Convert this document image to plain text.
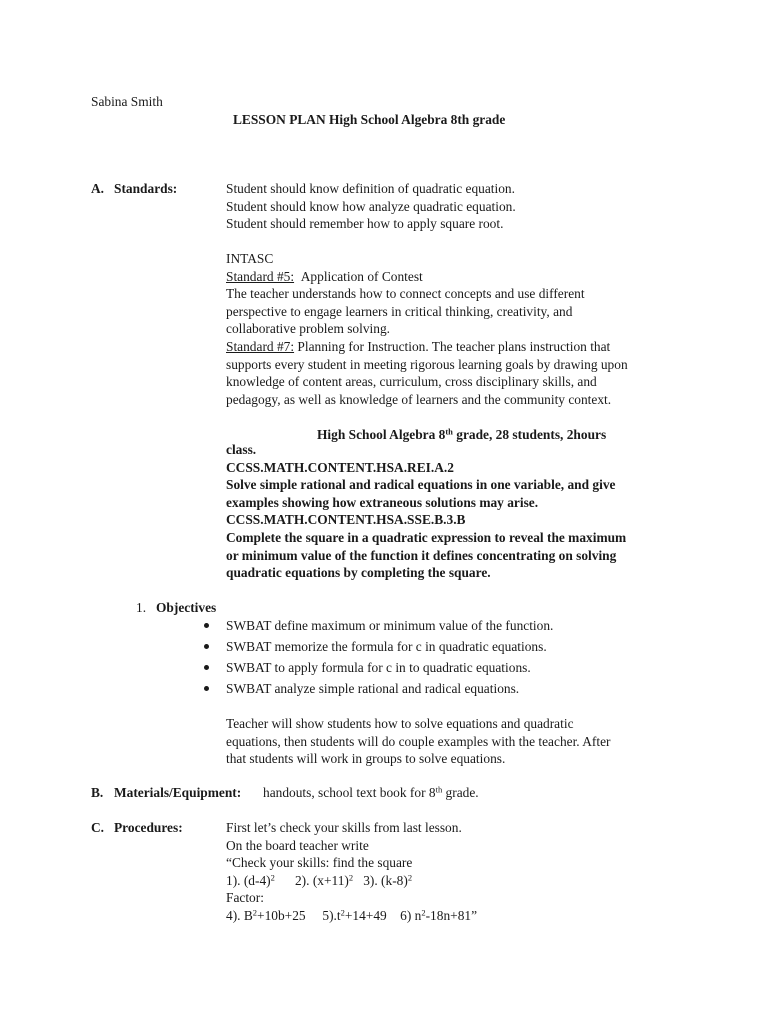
Sabina Smith
LESSON PLAN High School Algebra 8th grade
A. Standards:	Student should know definition of quadratic equation.
Student should know how analyze quadratic equation.
Student should remember how to apply square root.
INTASC
Standard #5: Application of Contest
The teacher understands how to connect concepts and use different
perspective to engage learners in critical thinking, creativity, and
collaborative problem solving.
Standard #7: Planning for Instruction. The teacher plans instruction that
supports every student in meeting rigorous learning goals by drawing upon
knowledge of content areas, curriculum, cross disciplinary skills, and
pedagogy, as well as knowledge of learners and the community context.
High School Algebra 8th grade, 28 students, 2hours
class.
CCSS.MATH.CONTENT.HSA.REI.A.2
Solve simple rational and radical equations in one variable, and give
examples showing how extraneous solutions may arise.
CCSS.MATH.CONTENT.HSA.SSE.B.3.B
Complete the square in a quadratic expression to reveal the maximum
or minimum value of the function it defines concentrating on solving
quadratic equations by completing the square.
1. Objectives
SWBAT define maximum or minimum value of the function.
SWBAT memorize the formula for c in quadratic equations.
SWBAT to apply formula for c in to quadratic equations.
SWBAT analyze simple rational and radical equations.
Teacher will show students how to solve equations and quadratic
equations, then students will do couple examples with the teacher. After
that students will work in groups to solve equations.
B. Materials/Equipment: handouts, school text book for 8th grade.
C. Procedures:	First let’s check your skills from last lesson.
On the board teacher write
“Check your skills: find the square
1). $(d-4)^2$ 2). $(x+11)^2$ 3). $(k-8)^2$
Factor:
4). $B^2+10b+25$ $5).t^2+14+49$ 6) $n^2-18n+81$”
